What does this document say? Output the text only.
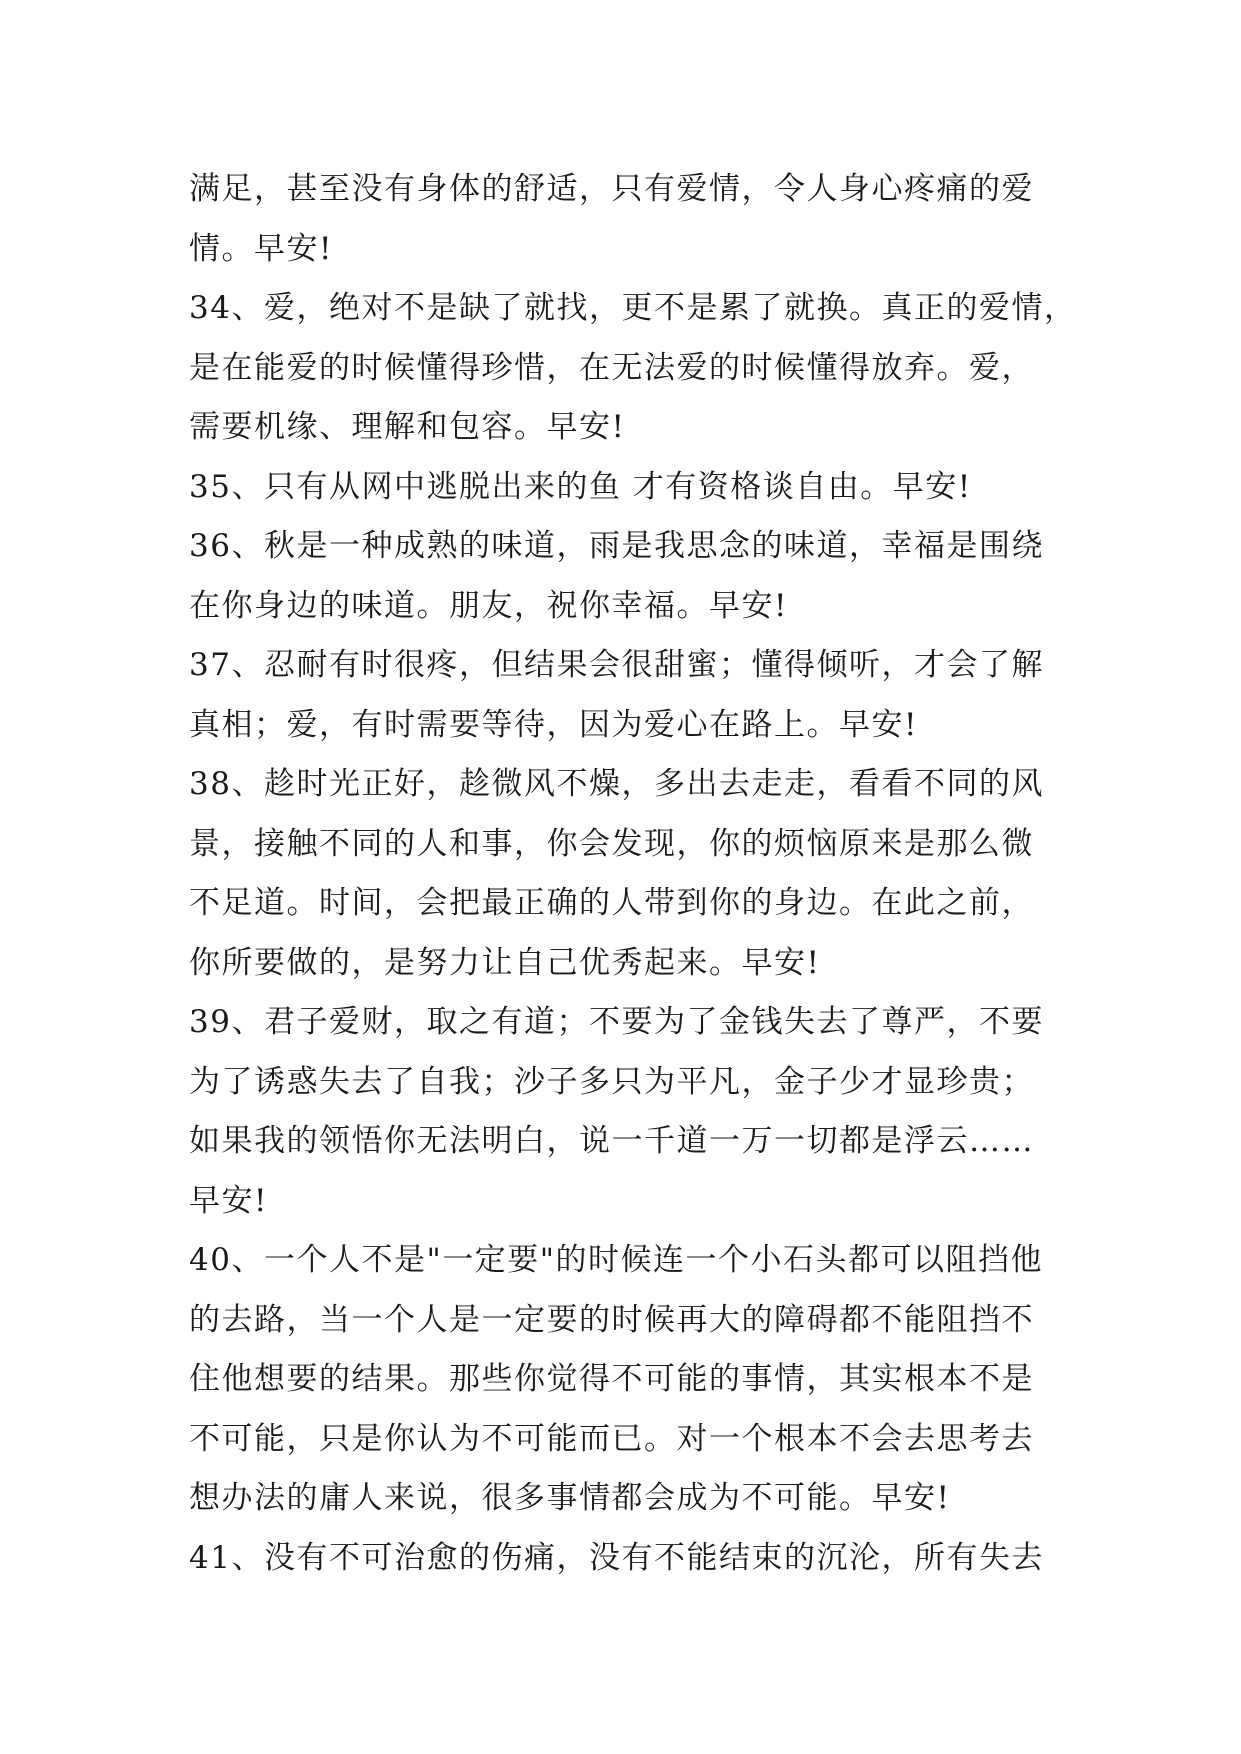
满足，甚至没有身体的舒适，只有爱情，令人身心疼痛的爱
情。早安!
34、爱，绝对不是缺了就找，更不是累了就换。真正的爱情，
是在能爱的时候懂得珍惜，在无法爱的时候懂得放弃。爱，
需要机缘、理解和包容。早安!
35、只有从网中逃脱出来的鱼 才有资格谈自由。早安!
36、秋是一种成熟的味道，雨是我思念的味道，幸福是围绕
在你身边的味道。朋友，祝你幸福。早安!
37、忍耐有时很疼，但结果会很甜蜜；懂得倾听，才会了解
真相；爱，有时需要等待，因为爱心在路上。早安!
38、趁时光正好，趁微风不燥，多出去走走，看看不同的风
景，接触不同的人和事，你会发现，你的烦恼原来是那么微
不足道。时间，会把最正确的人带到你的身边。在此之前，
你所要做的，是努力让自己优秀起来。早安!
39、君子爱财，取之有道；不要为了金钱失去了尊严，不要
为了诱惑失去了自我；沙子多只为平凡，金子少才显珍贵；
如果我的领悟你无法明白，说一千道一万一切都是浮云……
早安!
40、一个人不是"一定要"的时候连一个小石头都可以阻挡他
的去路，当一个人是一定要的时候再大的障碍都不能阻挡不
住他想要的结果。那些你觉得不可能的事情，其实根本不是
不可能，只是你认为不可能而已。对一个根本不会去思考去
想办法的庸人来说，很多事情都会成为不可能。早安!
41、没有不可治愈的伤痛，没有不能结束的沉沦，所有失去
